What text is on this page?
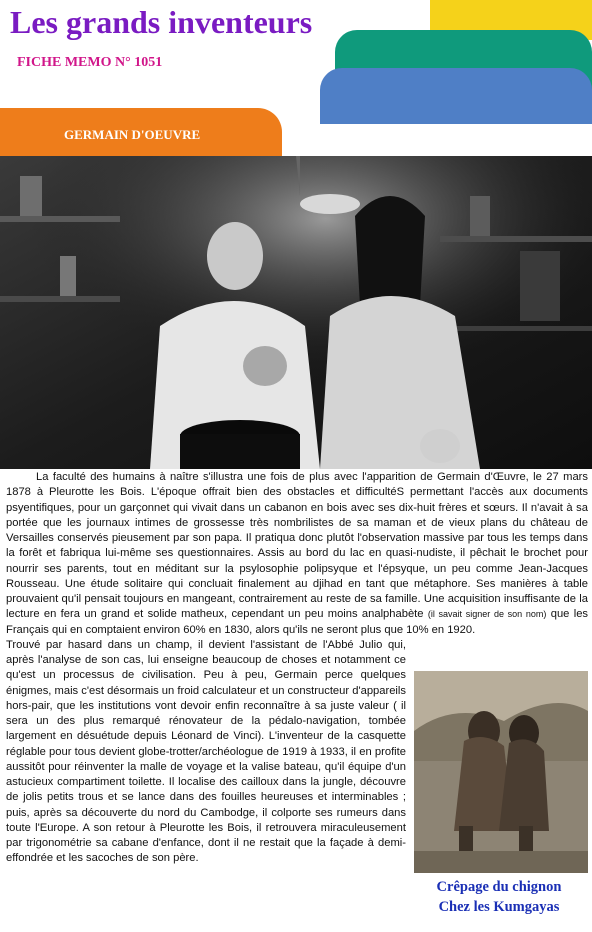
Les grands inventeurs
FICHE MEMO N° 1051
GERMAIN D'OEUVRE

La faculté des humains à naître s'illustra une fois de plus avec l'apparition de Germain d'Œuvre, le 27 mars 1878 à Pleurotte les Bois. L'époque offrait bien des obstacles et difficultéS permettant l'accès aux documents psyentifiques, pour un garçonnet qui vivait dans un cabanon en bois avec ses dix-huit frères et sœurs. Il n'avait à sa portée que les journaux intimes de grossesse très nombrilistes de sa maman et de vieux plans du château de Versailles conservés pieusement par son papa. Il pratiqua donc plutôt l'observation massive par tous les temps dans la forêt et fabriqua lui-même ses questionnaires. Assis au bord du lac en quasi-nudiste, il pêchait le brochet pour nourrir ses parents, tout en méditant sur la psylosophie polipsyque et l'épsyque, un peu comme Jean-Jacques Rousseau. Une étude solitaire qui concluait finalement au djihad en tant que métaphore. Ses manières à table prouvaient qu'il pensait toujours en mangeant, contrairement au reste de sa famille. Une acquisition insuffisante de la lecture en fera un grand et solide matheux, cependant un peu moins analphabète (il savait signer de son nom) que les Français qui en comptaient environ 60% en 1830, alors qu'ils ne seront plus que 10% en 1920.

Trouvé par hasard dans un champ, il devient l'assistant de l'Abbé Julio qui, après l'analyse de son cas, lui enseigne beaucoup de choses et notamment ce qu'est un processus de civilisation. Peu à peu, Germain perce quelques énigmes, mais c'est désormais un froid calculateur et un constructeur d'appareils hors-pair, que les institutions vont devoir enfin reconnaître à sa juste valeur ( il sera un des plus remarqué rénovateur de la pédalo-navigation, tombée largement en désuétude depuis Léonard de Vinci). L'inventeur de la casquette réglable pour tous devient globe-trotter/archéologue de 1919 à 1933, il en profite aussitôt pour réinventer la malle de voyage et la valise bateau, qu'il équipe d'un astucieux compartiment toilette. Il localise des cailloux dans la jungle, découvre de jolis petits trous et se lance dans des fouilles heureuses et interminables ; puis, après sa découverte du nord du Cambodge, il colporte ses rumeurs dans toute l'Europe. A son retour à Pleurotte les Bois, il retrouvera miraculeusement par trigonométrie sa cabane d'enfance, dont il ne restait que la façade à demi-effondrée et les sacoches de son père.
Crêpage du chignon
Chez les Kumgayas
